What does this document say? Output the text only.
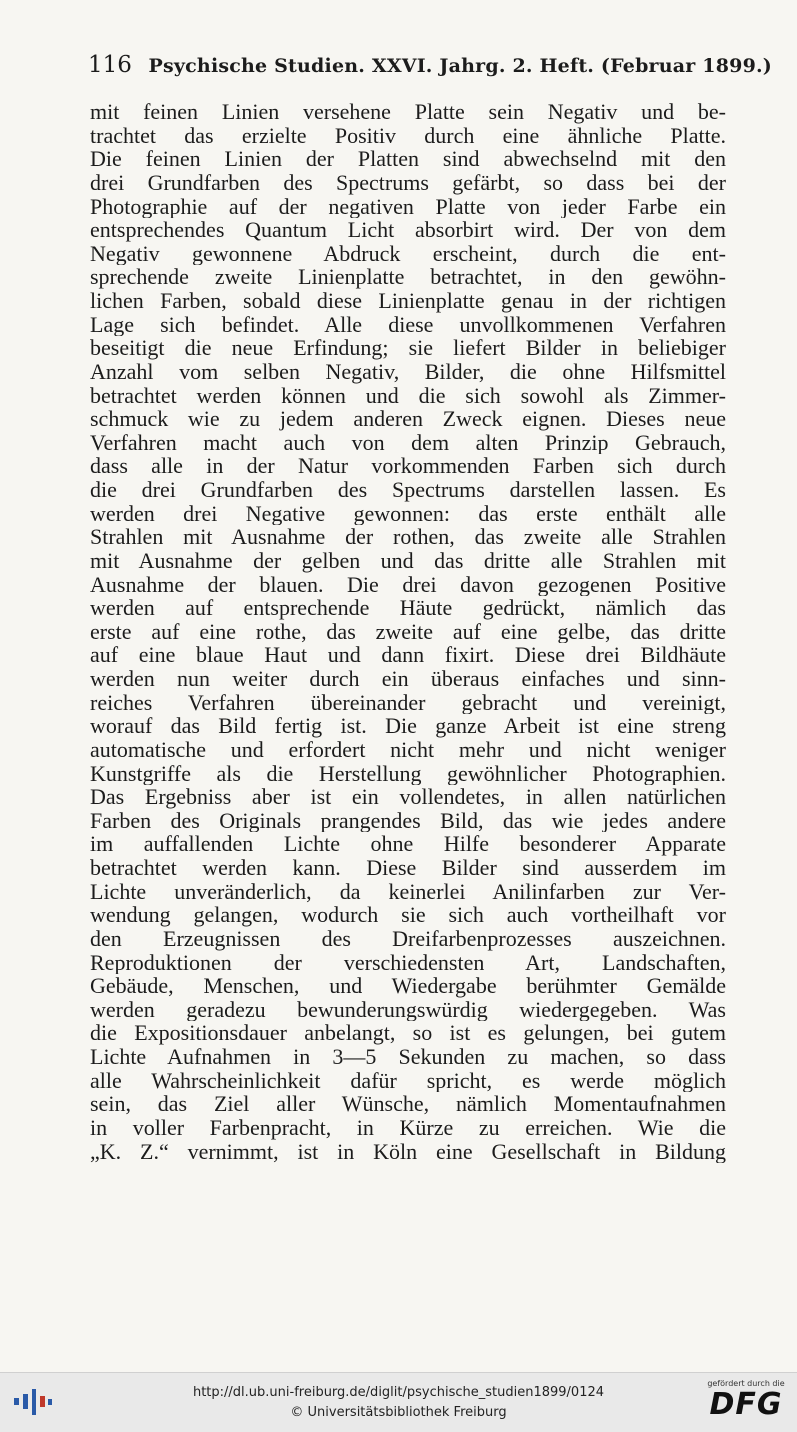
116 Psychische Studien. XXVI. Jahrg. 2. Heft. (Februar 1899.)
mit feinen Linien versehene Platte sein Negativ und be-
trachtet das erzielte Positiv durch eine ähnliche Platte.
Die feinen Linien der Platten sind abwechselnd mit den
drei Grundfarben des Spectrums gefärbt, so dass bei der
Photographie auf der negativen Platte von jeder Farbe ein
entsprechendes Quantum Licht absorbirt wird. Der von dem
Negativ gewonnene Abdruck erscheint, durch die ent-
sprechende zweite Linienplatte betrachtet, in den gewöhn-
lichen Farben, sobald diese Linienplatte genau in der richtigen
Lage sich befindet. Alle diese unvollkommenen Verfahren
beseitigt die neue Erfindung; sie liefert Bilder in beliebiger
Anzahl vom selben Negativ, Bilder, die ohne Hilfsmittel
betrachtet werden können und die sich sowohl als Zimmer-
schmuck wie zu jedem anderen Zweck eignen. Dieses neue
Verfahren macht auch von dem alten Prinzip Gebrauch,
dass alle in der Natur vorkommenden Farben sich durch
die drei Grundfarben des Spectrums darstellen lassen. Es
werden drei Negative gewonnen: das erste enthält alle
Strahlen mit Ausnahme der rothen, das zweite alle Strahlen
mit Ausnahme der gelben und das dritte alle Strahlen mit
Ausnahme der blauen. Die drei davon gezogenen Positive
werden auf entsprechende Häute gedrückt, nämlich das
erste auf eine rothe, das zweite auf eine gelbe, das dritte
auf eine blaue Haut und dann fixirt. Diese drei Bildhäute
werden nun weiter durch ein überaus einfaches und sinn-
reiches Verfahren übereinander gebracht und vereinigt,
worauf das Bild fertig ist. Die ganze Arbeit ist eine streng
automatische und erfordert nicht mehr und nicht weniger
Kunstgriffe als die Herstellung gewöhnlicher Photographien.
Das Ergebniss aber ist ein vollendetes, in allen natürlichen
Farben des Originals prangendes Bild, das wie jedes andere
im auffallenden Lichte ohne Hilfe besonderer Apparate
betrachtet werden kann. Diese Bilder sind ausserdem im
Lichte unveränderlich, da keinerlei Anilinfarben zur Ver-
wendung gelangen, wodurch sie sich auch vortheilhaft vor
den Erzeugnissen des Dreifarbenprozesses auszeichnen.
Reproduktionen der verschiedensten Art, Landschaften,
Gebäude, Menschen, und Wiedergabe berühmter Gemälde
werden geradezu bewunderungswürdig wiedergegeben. Was
die Expositionsdauer anbelangt, so ist es gelungen, bei gutem
Lichte Aufnahmen in 3—5 Sekunden zu machen, so dass
alle Wahrscheinlichkeit dafür spricht, es werde möglich
sein, das Ziel aller Wünsche, nämlich Momentaufnahmen
in voller Farbenpracht, in Kürze zu erreichen. Wie die
„K. Z.“ vernimmt, ist in Köln eine Gesellschaft in Bildung
http://dl.ub.uni-freiburg.de/diglit/psychische_studien1899/0124
© Universitätsbibliothek Freiburg
gefördert durch die
DFG
